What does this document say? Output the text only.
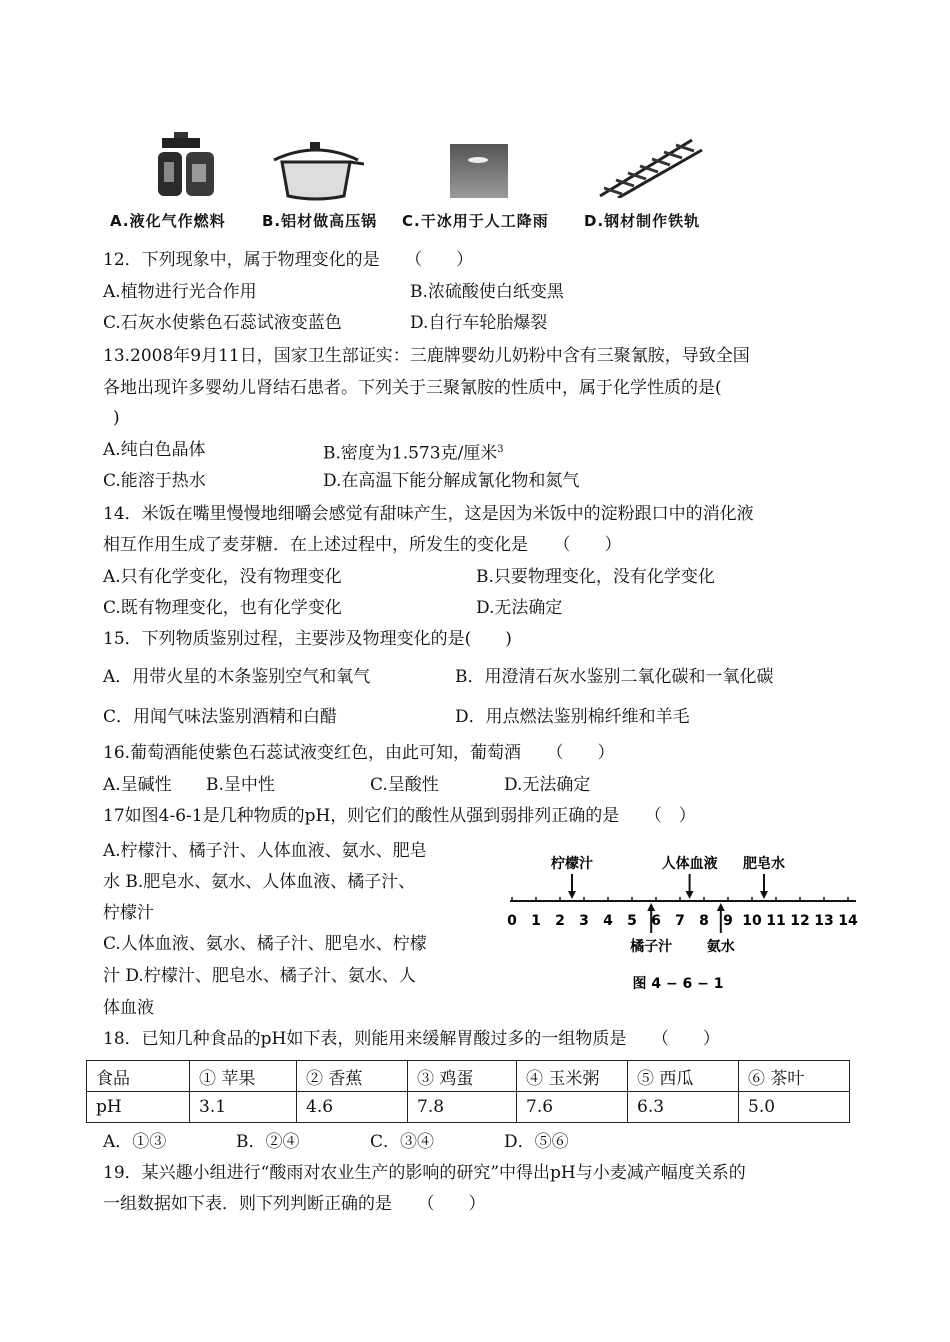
A.液化气作燃料 B.铝材做高压锅 C.干冰用于人工降雨 D.钢材制作铁轨
12．下列现象中，属于物理变化的是　　（　　）
A.植物进行光合作用	B.浓硫酸使白纸变黑
C.石灰水使紫色石蕊试液变蓝色	D.自行车轮胎爆裂
13.2008年9月11日，国家卫生部证实：三鹿牌婴幼儿奶粉中含有三聚氰胺，导致全国
各地出现许多婴幼儿肾结石患者。下列关于三聚氰胺的性质中，属于化学性质的是(
)
A.纯白色晶体	B.密度为1.573克/厘米$^3$
C.能溶于热水	D.在高温下能分解成氰化物和氮气
14．米饭在嘴里慢慢地细嚼会感觉有甜味产生，这是因为米饭中的淀粉跟口中的消化液
相互作用生成了麦芽糖．在上述过程中，所发生的变化是　　（　　）
A.只有化学变化，没有物理变化	B.只要物理变化，没有化学变化
C.既有物理变化，也有化学变化	D.无法确定
15．下列物质鉴别过程，主要涉及物理变化的是(　　)
A．用带火星的木条鉴别空气和氧气	B．用澄清石灰水鉴别二氧化碳和一氧化碳
C．用闻气味法鉴别酒精和白醋	D．用点燃法鉴别棉纤维和羊毛
16.葡萄酒能使紫色石蕊试液变红色，由此可知，葡萄酒　　（　　）
A.呈碱性 B.呈中性	C.呈酸性	D.无法确定
17如图4-6-1是几种物质的pH，则它们的酸性从强到弱排列正确的是　　（　）
A.柠檬汁、橘子汁、人体血液、氨水、肥皂
水 B.肥皂水、氨水、人体血液、橘子汁、
柠檬汁
C.人体血液、氨水、橘子汁、肥皂水、柠檬
汁 D.柠檬汁、肥皂水、橘子汁、氨水、人
体血液
0 1 2 3 4 5 6 7 8 9 10 11 12 13 14
柠檬汁	人体血液 肥皂水
橘子汁 氨水
图 4 − 6 − 1
18．已知几种食品的pH如下表，则能用来缓解胃酸过多的一组物质是　　（　　）
食品	① 苹果	② 香蕉	③ 鸡蛋	④ 玉米粥	⑤ 西瓜	⑥ 茶叶
pH	3.1	4.6	7.8	7.6	6.3	5.0
A．①③	B．②④	C．③④	D．⑤⑥
19．某兴趣小组进行“酸雨对农业生产的影响的研究”中得出pH与小麦减产幅度关系的
一组数据如下表．则下列判断正确的是　　（　　）
